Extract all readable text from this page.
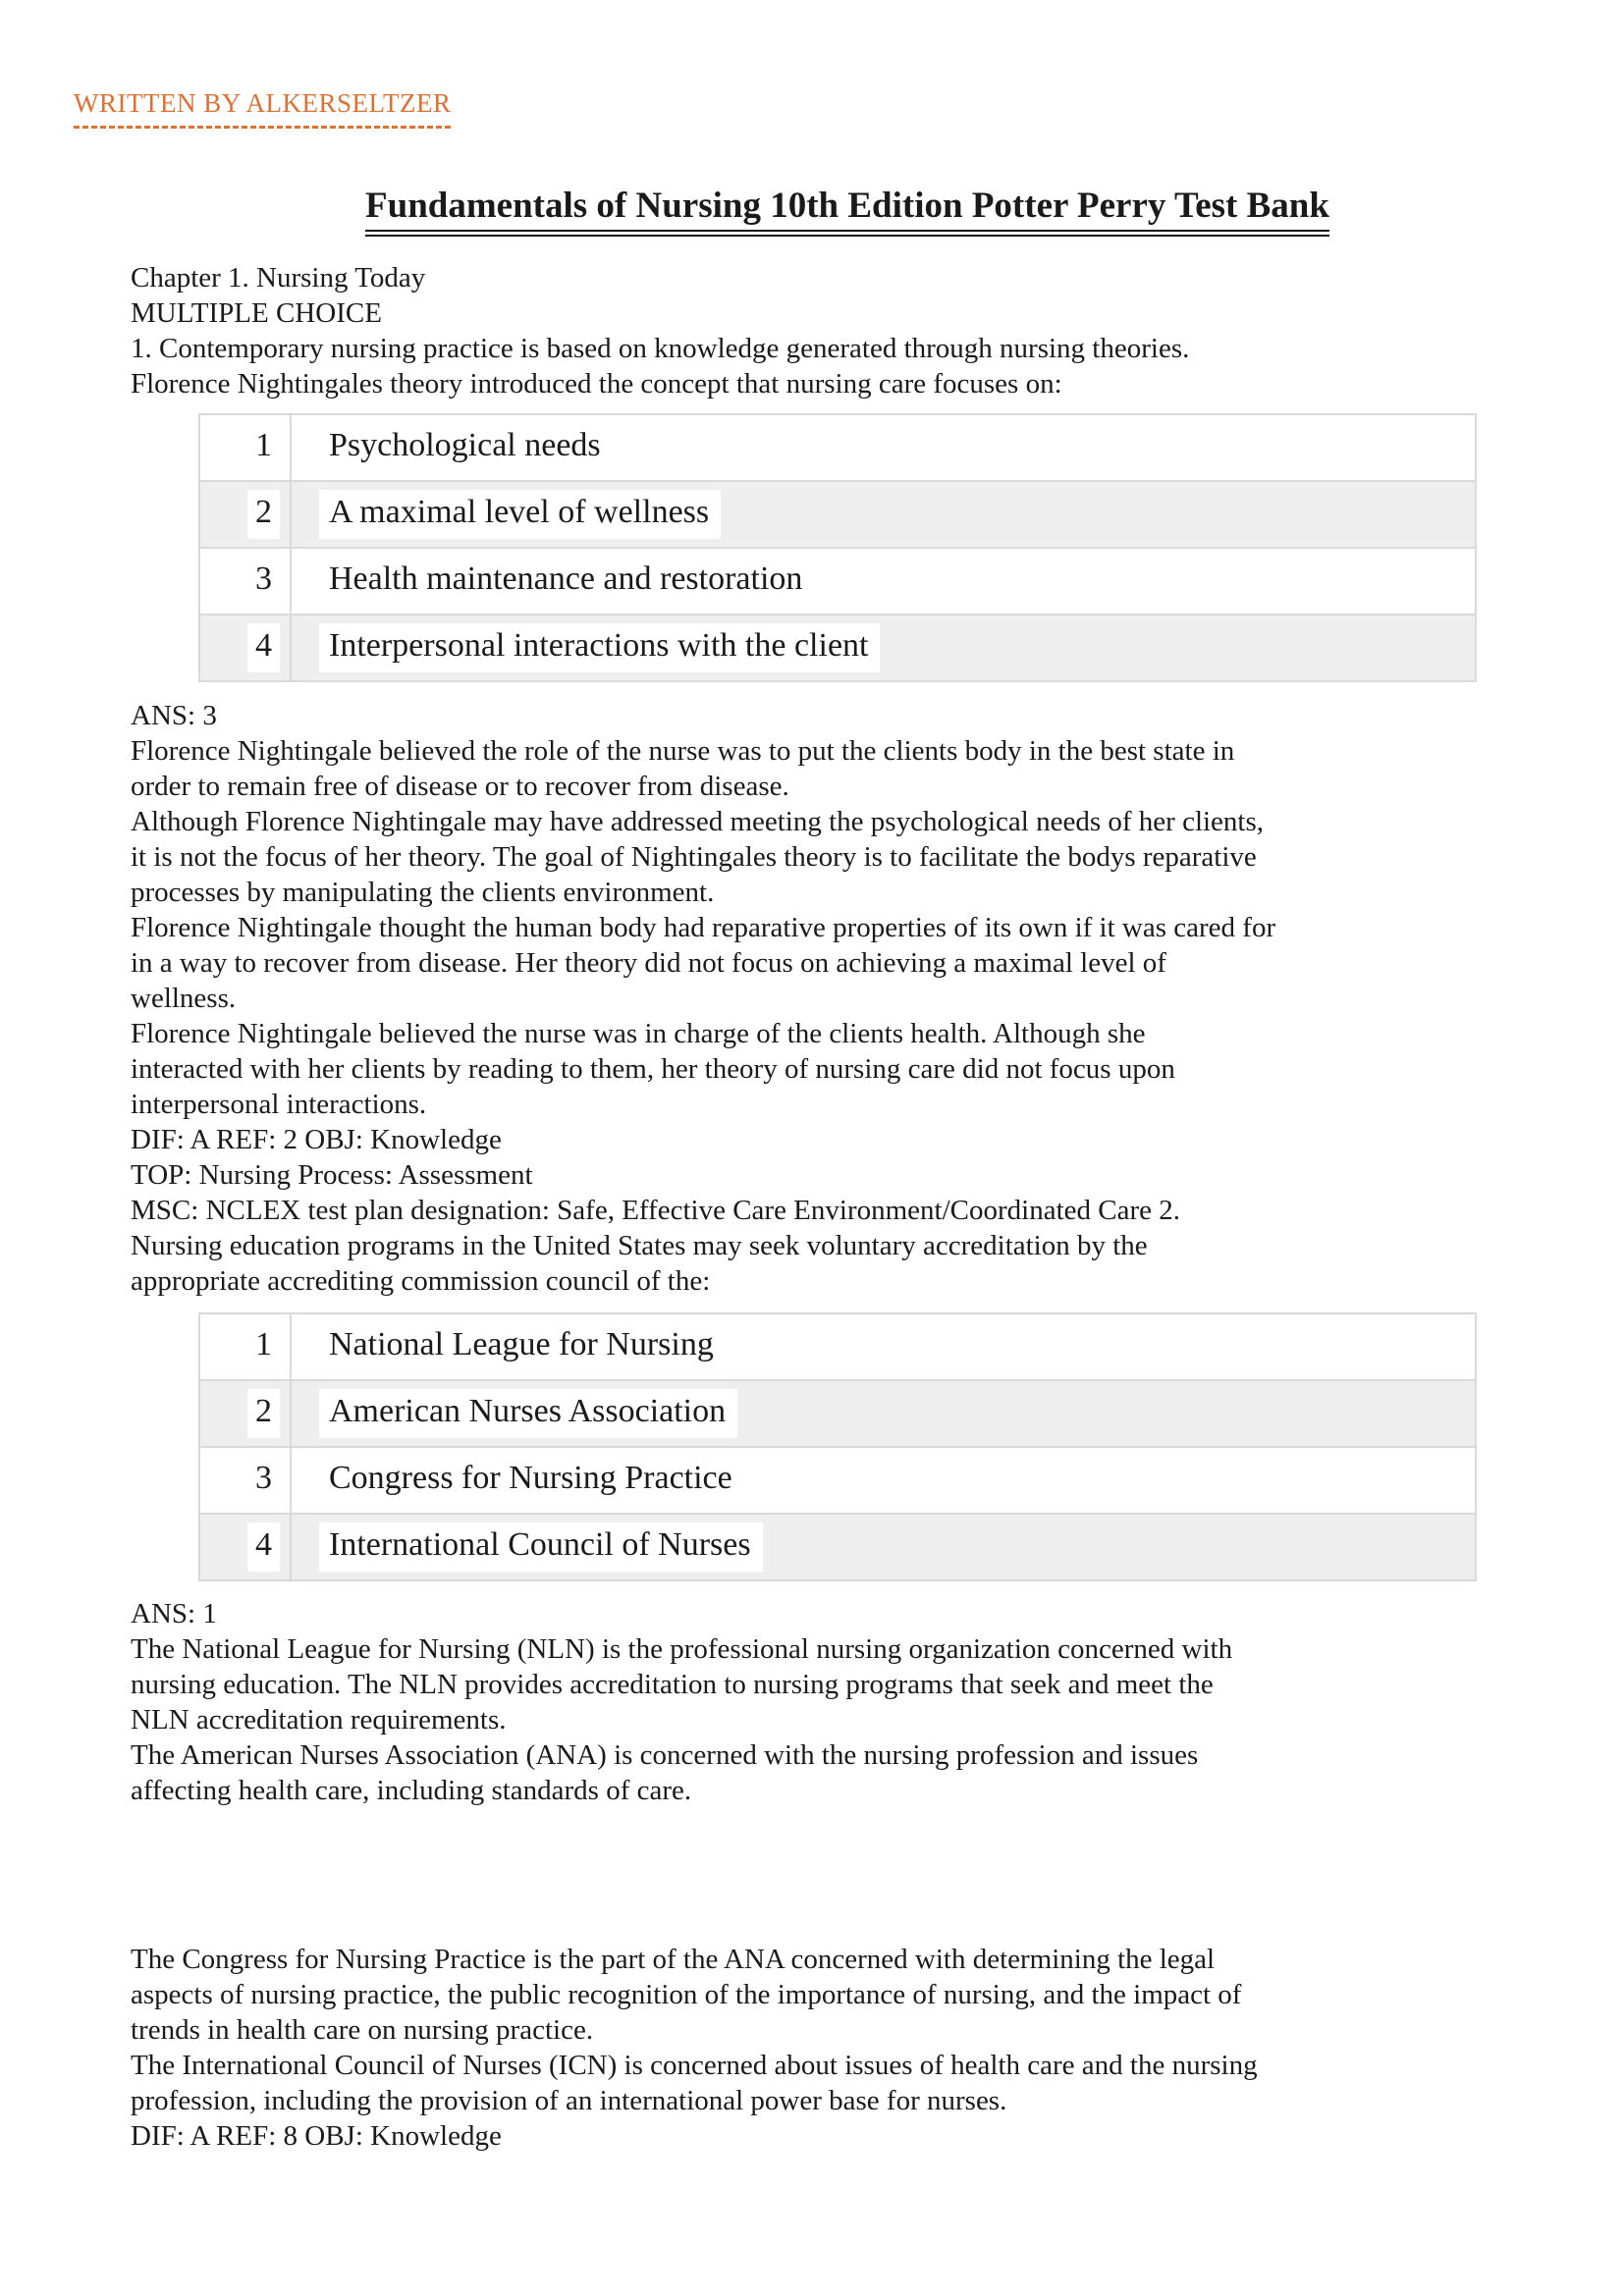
WRITTEN BY ALKERSELTZER
Fundamentals of Nursing 10th Edition Potter Perry Test Bank
Chapter 1. Nursing Today
MULTIPLE CHOICE
1. Contemporary nursing practice is based on knowledge generated through nursing theories.
Florence Nightingales theory introduced the concept that nursing care focuses on:
1 Psychological needs
2 A maximal level of wellness
3 Health maintenance and restoration
4 Interpersonal interactions with the client
ANS: 3
Florence Nightingale believed the role of the nurse was to put the clients body in the best state in
order to remain free of disease or to recover from disease.
Although Florence Nightingale may have addressed meeting the psychological needs of her clients,
it is not the focus of her theory. The goal of Nightingales theory is to facilitate the bodys reparative
processes by manipulating the clients environment.
Florence Nightingale thought the human body had reparative properties of its own if it was cared for
in a way to recover from disease. Her theory did not focus on achieving a maximal level of
wellness.
Florence Nightingale believed the nurse was in charge of the clients health. Although she
interacted with her clients by reading to them, her theory of nursing care did not focus upon
interpersonal interactions.
DIF: A REF: 2 OBJ: Knowledge
TOP: Nursing Process: Assessment
MSC: NCLEX test plan designation: Safe, Effective Care Environment/Coordinated Care 2.
Nursing education programs in the United States may seek voluntary accreditation by the
appropriate accrediting commission council of the:
1 National League for Nursing
2 American Nurses Association
3 Congress for Nursing Practice
4 International Council of Nurses
ANS: 1
The National League for Nursing (NLN) is the professional nursing organization concerned with
nursing education. The NLN provides accreditation to nursing programs that seek and meet the
NLN accreditation requirements.
The American Nurses Association (ANA) is concerned with the nursing profession and issues
affecting health care, including standards of care.
The Congress for Nursing Practice is the part of the ANA concerned with determining the legal
aspects of nursing practice, the public recognition of the importance of nursing, and the impact of
trends in health care on nursing practice.
The International Council of Nurses (ICN) is concerned about issues of health care and the nursing
profession, including the provision of an international power base for nurses.
DIF: A REF: 8 OBJ: Knowledge
